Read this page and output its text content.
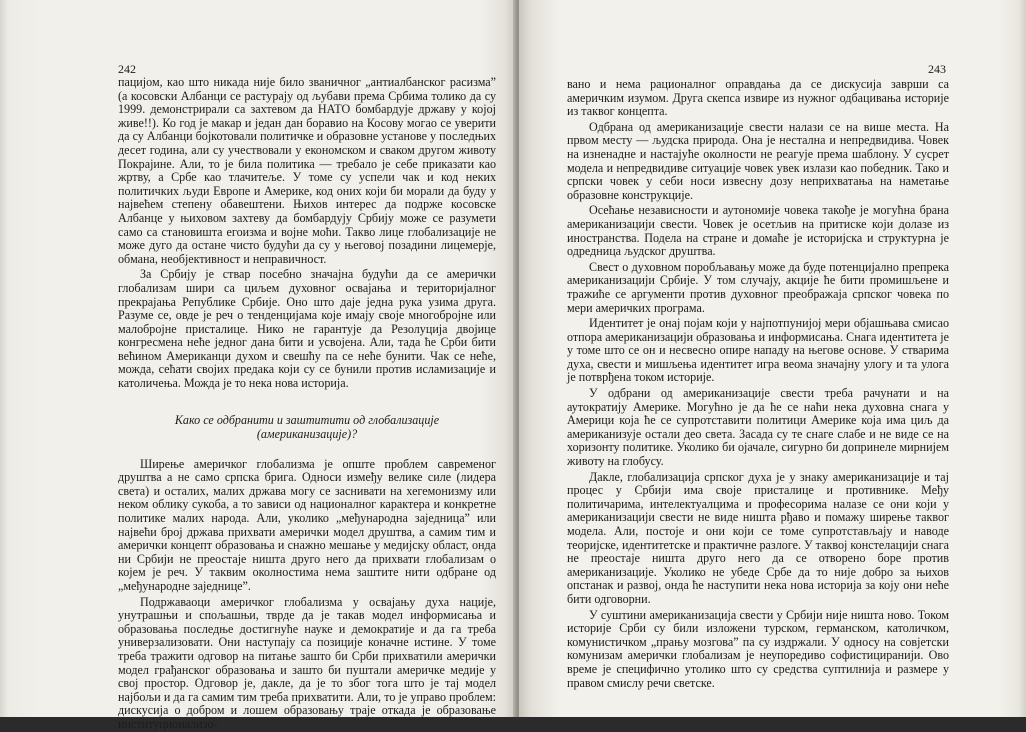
242

пацијом, као што никада није било званичног „антиалбанског расизма” (а косовски Албанци се растурају од љубави према Србима толико да су 1999. демонстрирали са захтевом да НАТО бомбардује државу у којој живе!!). Ко год је макар и један дан боравио на Косову могао се уверити да су Албанци бојкотовали политичке и образовне установе у последњих десет година, али су учествовали у економском и сваком другом животу Покрајине. Али, то је била политика — требало је себе приказати као жртву, а Србе као тлачитеље. У томе су успели чак и код неких политичких људи Европе и Америке, код оних који би морали да буду у највећем степену обавештени. Њихов интерес да подрже косовске Албанце у њиховом захтеву да бомбардују Србију може се разумети само са становишта егоизма и војне моћи. Такво лице глобализације не може дуго да остане чисто будући да су у његовој позадини лицемерје, обмана, необјективност и неправичност.

За Србију је ствар посебно значајна будући да се амерички глобализам шири са циљем духовног освајања и територијалног прекрајања Републике Србије. Оно што даје једна рука узима друга. Разуме се, овде је реч о тенденцијама које имају своје многобројне или малобројне присталице. Нико не гарантује да Резолуција двојице конгресмена неће једног дана бити и усвојена. Али, тада ће Срби бити већином Американци духом и свешћу па се неће бунити. Чак се неће, можда, сећати својих предака који су се бунили против исламизације и католичења. Можда је то нека нова историја.

Како се одбранити и заштитити од глобализације
(американизације)?

Ширење америчког глобализма је опште проблем савременог друштва а не само српска брига. Односи између велике силе (лидера света) и осталих, малих држава могу се заснивати на хегемонизму или неком облику сукоба, а то зависи од националног карактера и конкретне политике малих народа. Али, уколико „међународна заједница” или највећи број држава прихвати амерички модел друштва, а самим тим и амерички концепт образовања и снажно мешање у медијску област, онда ни Србији не преостаје ништа друго него да прихвати глобализам о којем је реч. У таквим околностима нема заштите нити одбране од „међународне заједнице”.

Подржаваоци америчког глобализма у освајању духа нације, унутрашњи и спољашњи, тврде да је такав модел информисања и образовања последње достигнуће науке и демократије и да га треба универзализовати. Они наступају са позиције коначне истине. У томе треба тражити одговор на питање зашто би Срби прихватили амерички модел грађанског образовања и зашто би пуштали америчке медије у свој простор. Одговор је, дакле, да је то због тога што је тај модел најбољи и да га самим тим треба прихватити. Али, то је управо проблем: дискусија о добром и лошем образовању траје откада је образовање институционализо-

243

вано и нема рационалног оправдања да се дискусија заврши са америчким изумом. Друга скепса извире из нужног одбацивања историје из таквог концепта.

Одбрана од американизације свести налази се на више места. На првом месту — људска природа. Она је нестална и непредвидива. Човек на изненадне и настајуће околности не реагује према шаблону. У сусрет модела и непредвидиве ситуације човек увек излази као победник. Тако и српски човек у себи носи извесну дозу неприхватања на наметање образовне конструкције.

Осећање независности и аутономије човека такође је могућна брана американизацији свести. Човек је осетљив на притиске који долазе из иностранства. Подела на стране и домаће је историјска и структурна је одредница људског друштва.

Свест о духовном поробљавању може да буде потенцијално препрека американизацији Србије. У том случају, акције ће бити промишљене и тражиће се аргументи против духовног преображаја српског човека по мери америчких програма.

Идентитет је онај појам који у најпотпунијој мери објашњава смисао отпора американизацији образовања и информисања. Снага идентитета је у томе што се он и несвесно опире нападу на његове основе. У стварима духа, свести и мишљења идентитет игра веома значајну улогу и та улога је потврђена током историје.

У одбрани од американизације свести треба рачунати и на аутократију Америке. Могућно је да ће се наћи нека духовна снага у Америци која ће се супротставити политици Америке која има циљ да американизује остали део света. Засада су те снаге слабе и не виде се на хоризонту политике. Уколико би ојачале, сигурно би допринеле мирнијем животу на глобусу.

Дакле, глобализација српског духа је у знаку американизације и тај процес у Србији има своје присталице и противнике. Међу политичарима, интелектуалцима и професорима налазе се они који у американизацији свести не виде ништа рђаво и помажу ширење таквог модела. Али, постоје и они који се томе супротстављају и наводе теоријске, идентитетске и практичне разлоге. У таквој констелацији снага не преостаје ништа друго него да се отворено боре против американизације. Уколико не убеде Србе да то није добро за њихов опстанак и развој, онда ће наступити нека нова историја за коју они неће бити одговорни.

У суштини американизација свести у Србији није ништа ново. Током историје Срби су били изложени турском, германском, католичком, комунистичком „прању мозгова” па су издржали. У односу на совјетски комунизам амерички глобализам је неупоредиво софистициранији. Ово време је специфично утолико што су средства суптилнија и размере у правом смислу речи светске.
